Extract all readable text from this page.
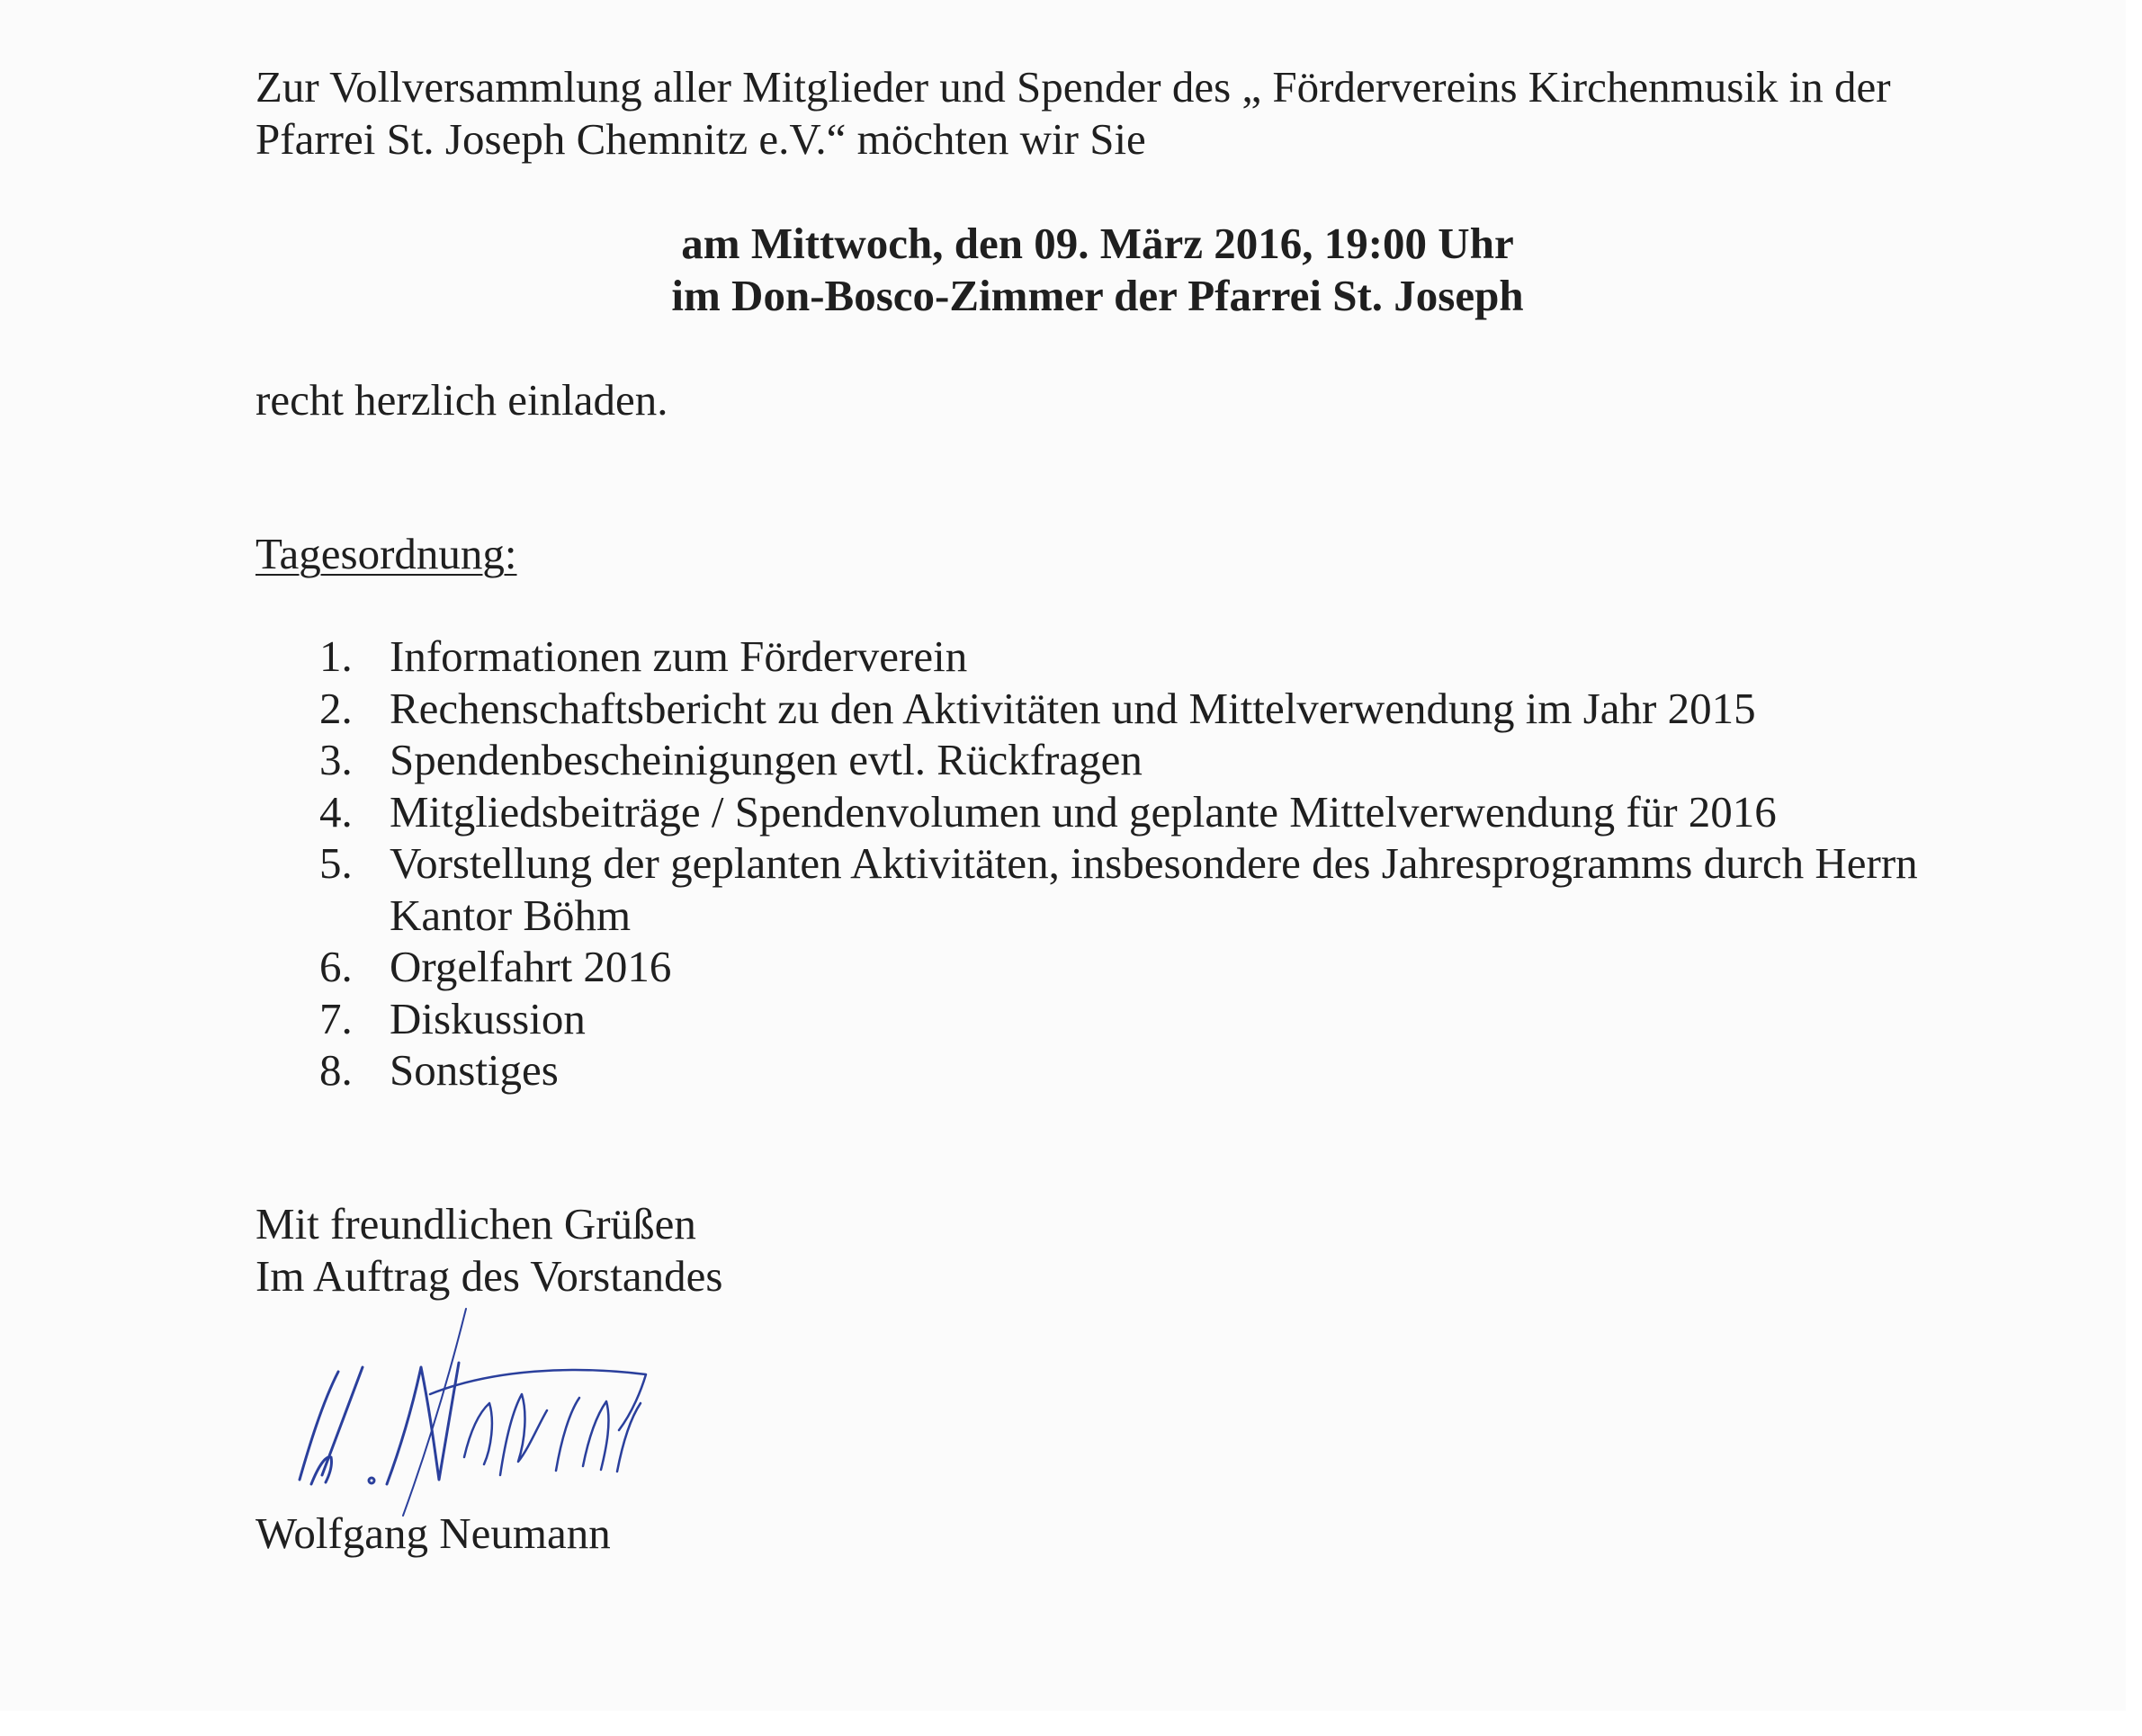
Zur Vollversammlung aller Mitglieder und Spender des „ Fördervereins Kirchenmusik in der
Pfarrei St. Joseph Chemnitz e.V.“ möchten wir Sie
am Mittwoch, den 09. März 2016, 19:00 Uhr
im Don-Bosco-Zimmer der Pfarrei St. Joseph
recht herzlich einladen.
Tagesordnung:
1. Informationen zum Förderverein
2. Rechenschaftsbericht zu den Aktivitäten und Mittelverwendung im Jahr 2015
3. Spendenbescheinigungen evtl. Rückfragen
4. Mitgliedsbeiträge / Spendenvolumen und geplante Mittelverwendung für 2016
5. Vorstellung der geplanten Aktivitäten, insbesondere des Jahresprogramms durch Herrn Kantor Böhm
6. Orgelfahrt 2016
7. Diskussion
8. Sonstiges
Mit freundlichen Grüßen
Im Auftrag des Vorstandes
Wolfgang Neumann
